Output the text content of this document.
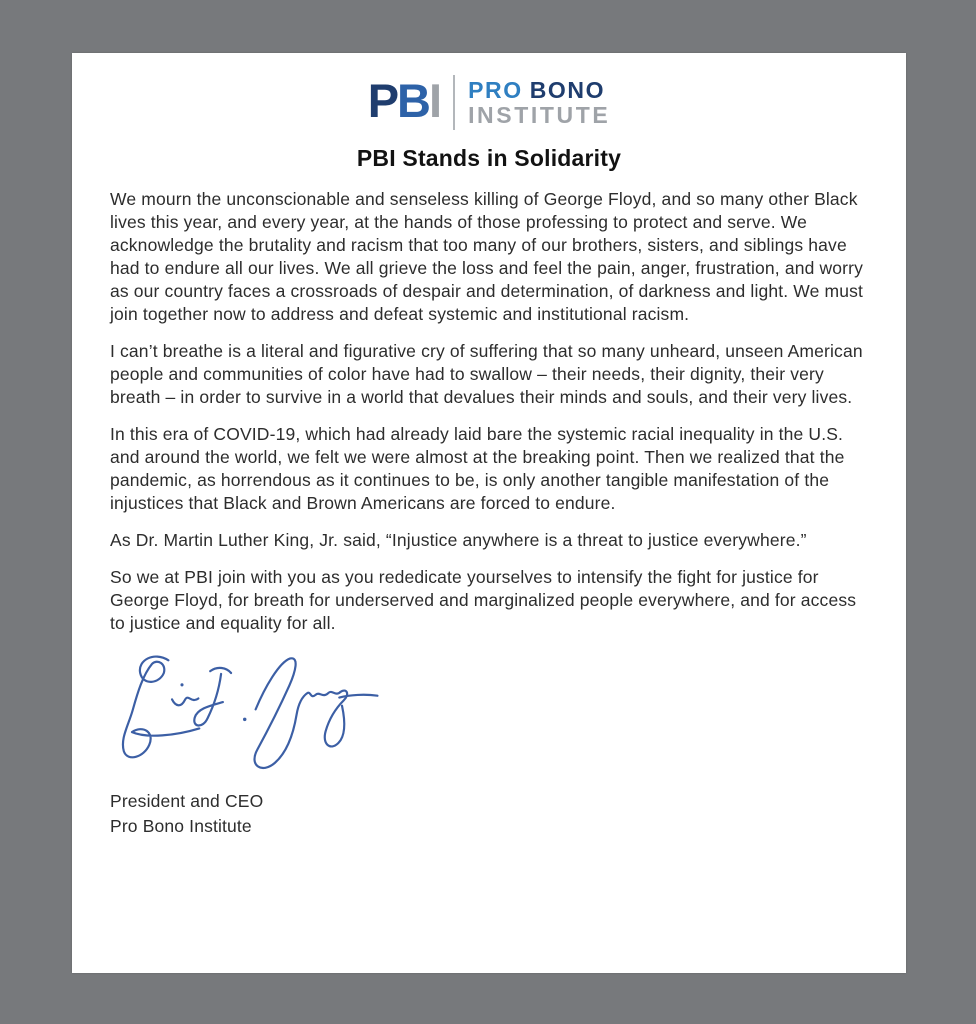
PBI PRO BONO
INSTITUTE
PBI Stands in Solidarity

We mourn the unconscionable and senseless killing of George Floyd, and so many other Black lives this year, and every year, at the hands of those professing to protect and serve. We acknowledge the brutality and racism that too many of our brothers, sisters, and siblings have had to endure all our lives. We all grieve the loss and feel the pain, anger, frustration, and worry as our country faces a crossroads of despair and determination, of darkness and light. We must join together now to address and defeat systemic and institutional racism.

I can’t breathe is a literal and figurative cry of suffering that so many unheard, unseen American people and communities of color have had to swallow – their needs, their dignity, their very breath – in order to survive in a world that devalues their minds and souls, and their very lives.

In this era of COVID-19, which had already laid bare the systemic racial inequality in the U.S. and around the world, we felt we were almost at the breaking point. Then we realized that the pandemic, as horrendous as it continues to be, is only another tangible manifestation of the injustices that Black and Brown Americans are forced to endure.

As Dr. Martin Luther King, Jr. said, “Injustice anywhere is a threat to justice everywhere.”

So we at PBI join with you as you rededicate yourselves to intensify the fight for justice for George Floyd, for breath for underserved and marginalized people everywhere, and for access to justice and equality for all.

President and CEO
Pro Bono Institute
